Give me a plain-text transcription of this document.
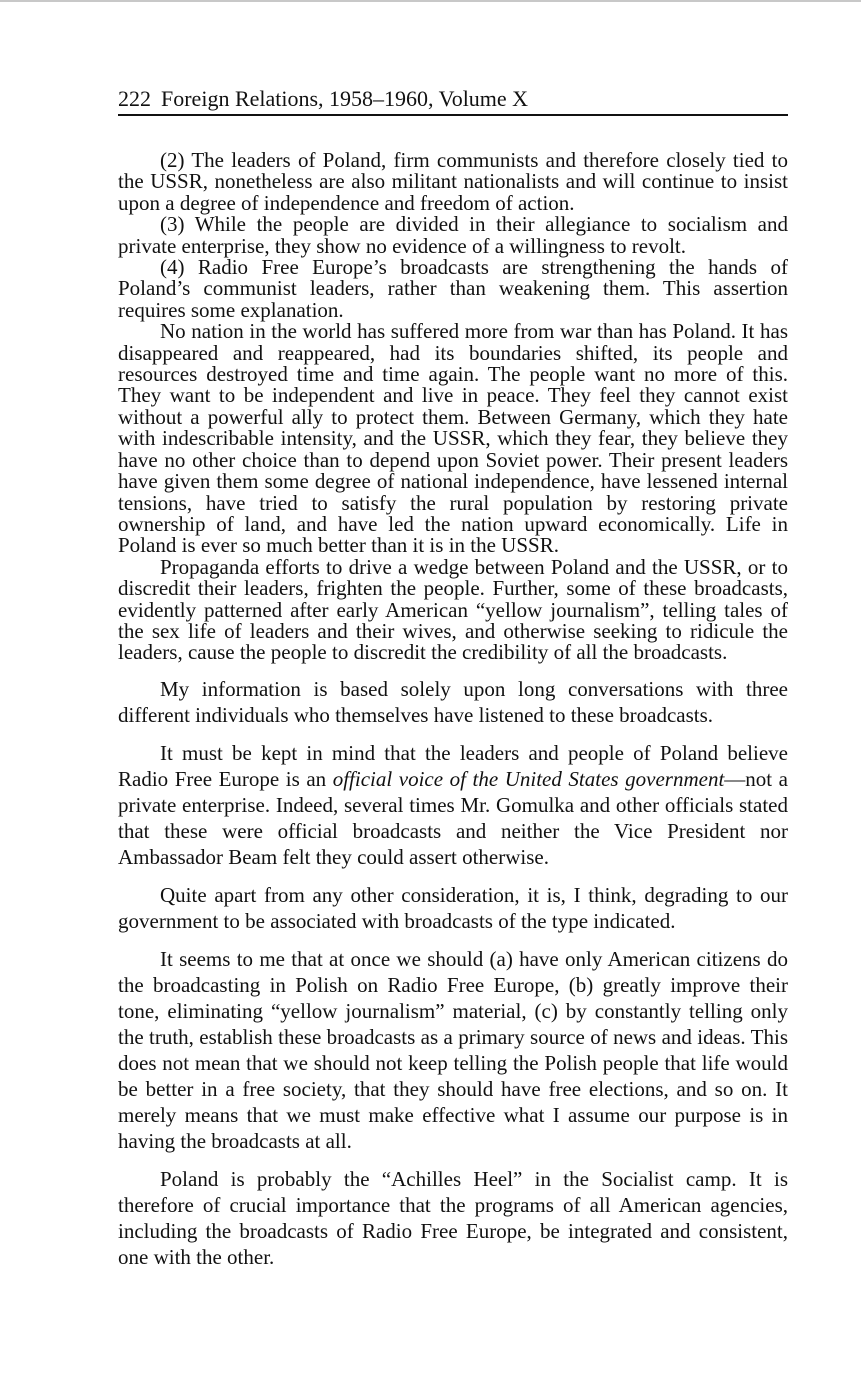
222 Foreign Relations, 1958–1960, Volume X

(2) The leaders of Poland, firm communists and therefore closely tied to the USSR, nonetheless are also militant nationalists and will continue to insist upon a degree of independence and freedom of action.

(3) While the people are divided in their allegiance to socialism and private enterprise, they show no evidence of a willingness to revolt.

(4) Radio Free Europe’s broadcasts are strengthening the hands of Poland’s communist leaders, rather than weakening them. This assertion requires some explanation.

No nation in the world has suffered more from war than has Poland. It has disappeared and reappeared, had its boundaries shifted, its people and resources destroyed time and time again. The people want no more of this. They want to be independent and live in peace. They feel they cannot exist without a powerful ally to protect them. Between Germany, which they hate with indescribable intensity, and the USSR, which they fear, they believe they have no other choice than to depend upon Soviet power. Their present leaders have given them some degree of national independence, have lessened internal tensions, have tried to satisfy the rural population by restoring private ownership of land, and have led the nation upward economically. Life in Poland is ever so much better than it is in the USSR.

Propaganda efforts to drive a wedge between Poland and the USSR, or to discredit their leaders, frighten the people. Further, some of these broadcasts, evidently patterned after early American “yellow journalism”, telling tales of the sex life of leaders and their wives, and otherwise seeking to ridicule the leaders, cause the people to discredit the credibility of all the broadcasts.

My information is based solely upon long conversations with three different individuals who themselves have listened to these broadcasts.

It must be kept in mind that the leaders and people of Poland believe Radio Free Europe is an official voice of the United States government—not a private enterprise. Indeed, several times Mr. Gomulka and other officials stated that these were official broadcasts and neither the Vice President nor Ambassador Beam felt they could assert otherwise.

Quite apart from any other consideration, it is, I think, degrading to our government to be associated with broadcasts of the type indicated.

It seems to me that at once we should (a) have only American citizens do the broadcasting in Polish on Radio Free Europe, (b) greatly improve their tone, eliminating “yellow journalism” material, (c) by constantly telling only the truth, establish these broadcasts as a primary source of news and ideas. This does not mean that we should not keep telling the Polish people that life would be better in a free society, that they should have free elections, and so on. It merely means that we must make effective what I assume our purpose is in having the broadcasts at all.

Poland is probably the “Achilles Heel” in the Socialist camp. It is therefore of crucial importance that the programs of all American agencies, including the broadcasts of Radio Free Europe, be integrated and consistent, one with the other.
